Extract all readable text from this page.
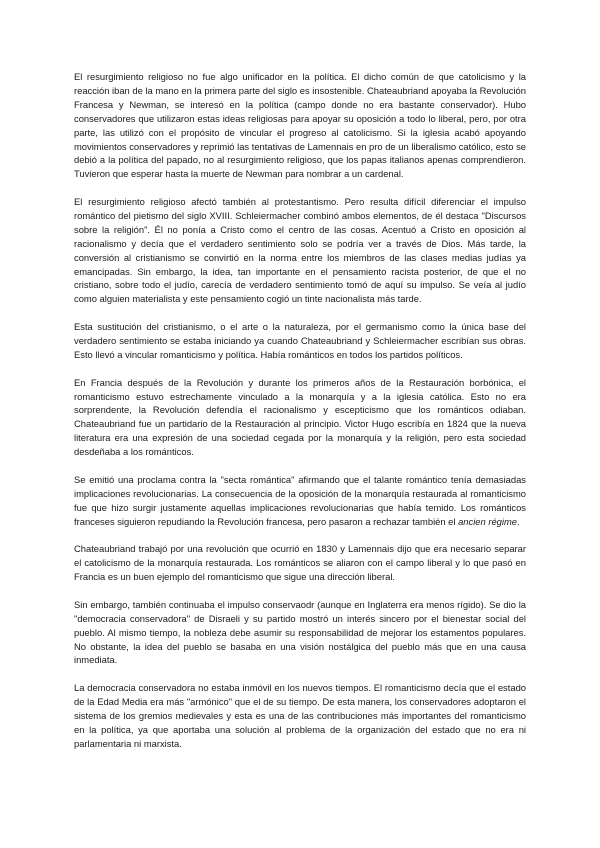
El resurgimiento religioso no fue algo unificador en la política. El dicho común de que catolicismo y la reacción iban de la mano en la primera parte del siglo es insostenible. Chateaubriand apoyaba la Revolución Francesa y Newman, se interesó en la política (campo donde no era bastante conservador). Hubo conservadores que utilizaron estas ideas religiosas para apoyar su oposición a todo lo liberal, pero, por otra parte, las utilizó con el propósito de vincular el progreso al catolicismo. Si la iglesia acabó apoyando movimientos conservadores y reprimió las tentativas de Lamennais en pro de un liberalismo católico, esto se debió a la política del papado, no al resurgimiento religioso, que los papas italianos apenas comprendieron. Tuvieron que esperar hasta la muerte de Newman para nombrar a un cardenal.

El resurgimiento religioso afectó también al protestantismo. Pero resulta difícil diferenciar el impulso romántico del pietismo del siglo XVIII. Schleiermacher combinó ambos elementos, de él destaca "Discursos sobre la religión". Él no ponía a Cristo como el centro de las cosas. Acentuó a Cristo en oposición al racionalismo y decía que el verdadero sentimiento solo se podría ver a través de Dios. Más tarde, la conversión al cristianismo se convirtió en la norma entre los miembros de las clases medias judías ya emancipadas. Sin embargo, la idea, tan importante en el pensamiento racista posterior, de que el no cristiano, sobre todo el judío, carecía de verdadero sentimiento tomó de aquí su impulso. Se veía al judío como alguien materialista y este pensamiento cogió un tinte nacionalista más tarde.

Esta sustitución del cristianismo, o el arte o la naturaleza, por el germanismo como la única base del verdadero sentimiento se estaba iniciando ya cuando Chateaubriand y Schleiermacher escribían sus obras. Esto llevó a vincular romanticismo y política. Había románticos en todos los partidos políticos.

En Francia después de la Revolución y durante los primeros años de la Restauración borbónica, el romanticismo estuvo estrechamente vinculado a la monarquía y a la iglesia católica. Esto no era sorprendente, la Revolución defendía el racionalismo y escepticismo que los románticos odiaban. Chateaubriand fue un partidario de la Restauración al principio. Victor Hugo escribía en 1824 que la nueva literatura era una expresión de una sociedad cegada por la monarquía y la religión, pero esta sociedad desdeñaba a los románticos.

Se emitió una proclama contra la "secta romántica" afirmando que el talante romántico tenía demasiadas implicaciones revolucionarias. La consecuencia de la oposición de la monarquía restaurada al romanticismo fue que hizo surgir justamente aquellas implicaciones revolucionarias que había temido. Los románticos franceses siguieron repudiando la Revolución francesa, pero pasaron a rechazar también el ancien régime.

Chateaubriand trabajó por una revolución que ocurrió en 1830 y Lamennais dijo que era necesario separar el catolicismo de la monarquía restaurada. Los románticos se aliaron con el campo liberal y lo que pasó en Francia es un buen ejemplo del romanticismo que sigue una dirección liberal.

Sin embargo, también continuaba el impulso conservaodr (aunque en Inglaterra era menos rígido). Se dio la "democracia conservadora" de Disraeli y su partido mostró un interés sincero por el bienestar social del pueblo. Al mismo tiempo, la nobleza debe asumir su responsabilidad de mejorar los estamentos populares. No obstante, la idea del pueblo se basaba en una visión nostálgica del pueblo más que en una causa inmediata.

La democracia conservadora no estaba inmóvil en los nuevos tiempos. El romanticismo decía que el estado de la Edad Media era más "armónico" que el de su tiempo. De esta manera, los conservadores adoptaron el sistema de los gremios medievales y esta es una de las contribuciones más importantes del romanticismo en la política, ya que aportaba una solución al problema de la organización del estado que no era ni parlamentaria ni marxista.
